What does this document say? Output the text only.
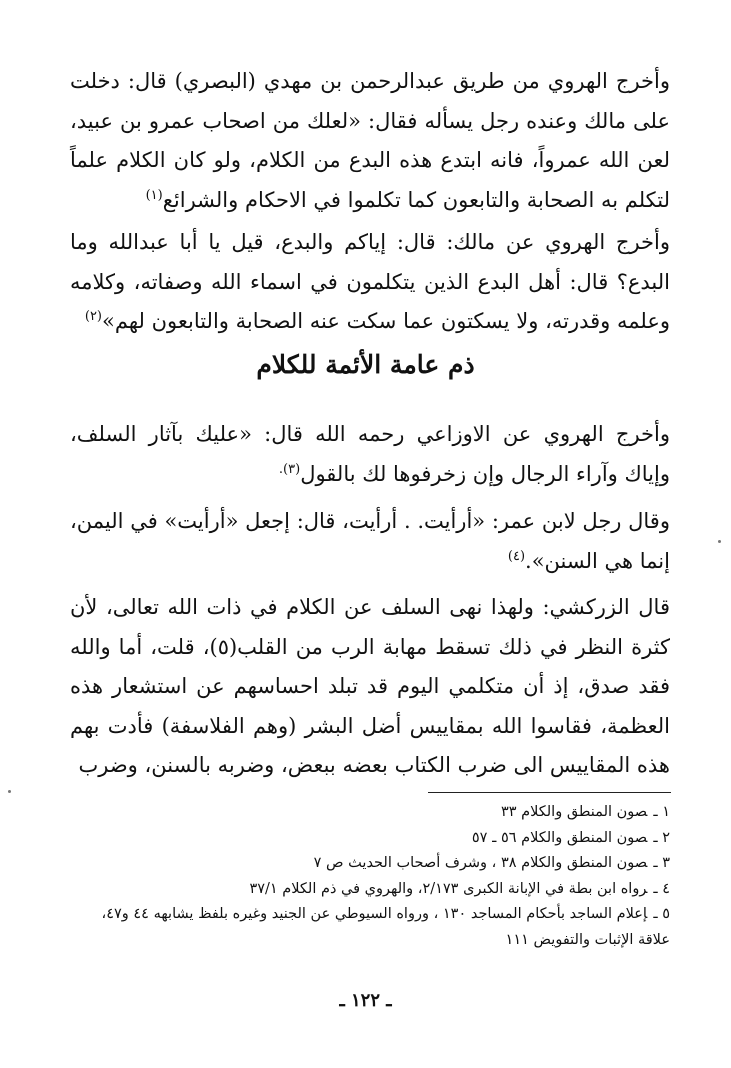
وأخرج الهروي من طريق عبدالرحمن بن مهدي (البصري) قال: دخلت على مالك وعنده رجل يسأله فقال: «لعلك من اصحاب عمرو بن عبيد، لعن الله عمرواً، فانه ابتدع هذه البدع من الكلام، ولو كان الكلام علماً لتكلم به الصحابة والتابعون كما تكلموا في الاحكام والشرائع$^{(١)}$
وأخرج الهروي عن مالك: قال: إياكم والبدع، قيل يا أبا عبدالله وما البدع؟ قال: أهل البدع الذين يتكلمون في اسماء الله وصفاته، وكلامه وعلمه وقدرته، ولا يسكتون عما سكت عنه الصحابة والتابعون لهم»$^{(٢)}$
ذم عامة الأئمة للكلام
وأخرج الهروي عن الاوزاعي رحمه الله قال: «عليك بآثار السلف، وإياك وآراء الرجال وإن زخرفوها لك بالقول$^{(٣).}$
وقال رجل لابن عمر: «أرأيت. . أرأيت، قال: إجعل «أرأيت» في اليمن، إنما هي السنن».$^{(٤)}$
قال الزركشي: ولهذا نهى السلف عن الكلام في ذات الله تعالى، لأن كثرة النظر في ذلك تسقط مهابة الرب من القلب(٥)، قلت، أما والله فقد صدق، إذ أن متكلمي اليوم قد تبلد احساسهم عن استشعار هذه العظمة، فقاسوا الله بمقاييس أضل البشر (وهم الفلاسفة) فأدت بهم هذه المقاييس الى ضرب الكتاب بعضه ببعض، وضربه بالسنن، وضرب

١ ـصون المنطق والكلام ٣٣

٢ ـصون المنطق والكلام ٥٦ ـ ٥٧

٣ ـصون المنطق والكلام ٣٨ ، وشرف أصحاب الحديث ص ٧

٤ ـرواه ابن بطة في الإبانة الكبرى ٢/١٧٣، والهروي في ذم الكلام ٣٧/١

٥ ـإعلام الساجد بأحكام المساجد ١٣٠ ، ورواه السيوطي عن الجنيد وغيره بلفظ يشابهه ٤٤ و٤٧، علاقة الإثبات والتفويض ١١١

ـ ١٢٢ ـ
